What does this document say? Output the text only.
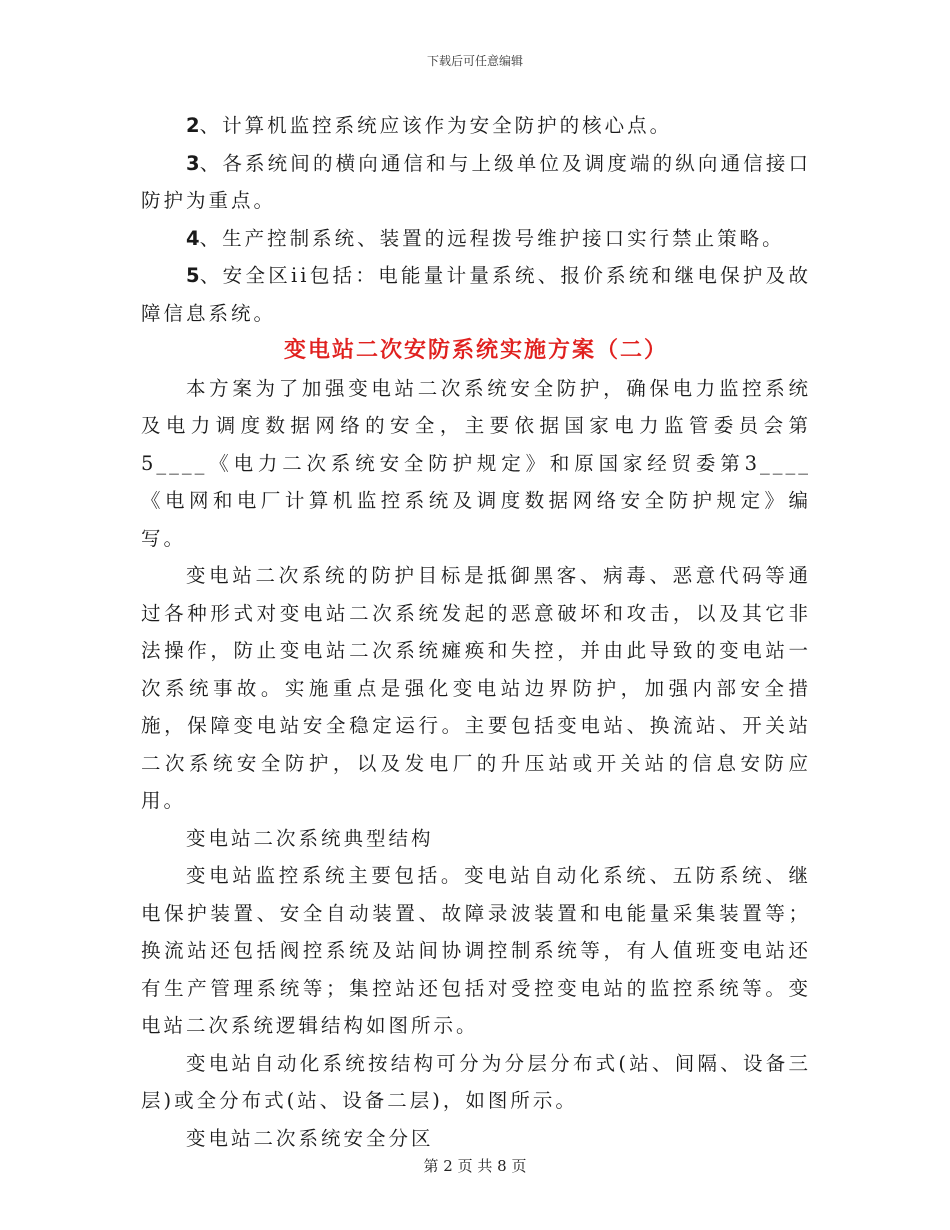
下载后可任意编辑

2、计算机监控系统应该作为安全防护的核心点。

3、各系统间的横向通信和与上级单位及调度端的纵向通信接口防护为重点。

4、生产控制系统、装置的远程拨号维护接口实行禁止策略。

5、安全区ii包括：电能量计量系统、报价系统和继电保护及故障信息系统。

变电站二次安防系统实施方案（二）

本方案为了加强变电站二次系统安全防护，确保电力监控系统及电力调度数据网络的安全，主要依据国家电力监管委员会第5____《电力二次系统安全防护规定》和原国家经贸委第3____《电网和电厂计算机监控系统及调度数据网络安全防护规定》编写。

变电站二次系统的防护目标是抵御黑客、病毒、恶意代码等通过各种形式对变电站二次系统发起的恶意破坏和攻击，以及其它非法操作，防止变电站二次系统瘫痪和失控，并由此导致的变电站一次系统事故。实施重点是强化变电站边界防护，加强内部安全措施，保障变电站安全稳定运行。主要包括变电站、换流站、开关站二次系统安全防护，以及发电厂的升压站或开关站的信息安防应用。

变电站二次系统典型结构

变电站监控系统主要包括。变电站自动化系统、五防系统、继电保护装置、安全自动装置、故障录波装置和电能量采集装置等；换流站还包括阀控系统及站间协调控制系统等，有人值班变电站还有生产管理系统等；集控站还包括对受控变电站的监控系统等。变电站二次系统逻辑结构如图所示。

变电站自动化系统按结构可分为分层分布式(站、间隔、设备三层)或全分布式(站、设备二层)，如图所示。

变电站二次系统安全分区

第 2 页 共 8 页
